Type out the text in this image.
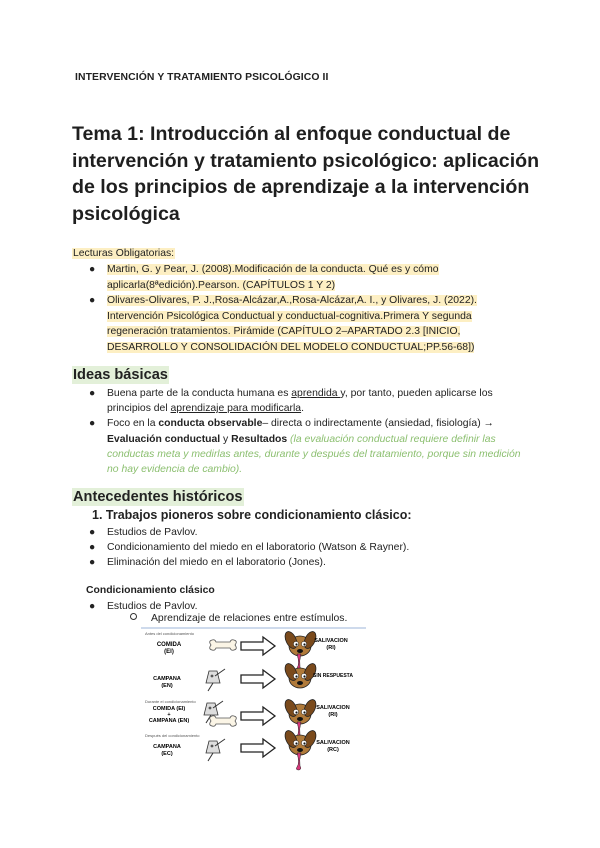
INTERVENCIÓN Y TRATAMIENTO PSICOLÓGICO II
Tema 1: Introducción al enfoque conductual de intervención y tratamiento psicológico: aplicación de los principios de aprendizaje a la intervención psicológica
Lecturas Obligatorias:
● Martin, G. y Pear, J. (2008).Modificación de la conducta. Qué es y cómo aplicarla(8ªedición).Pearson. (CAPÍTULOS 1 Y 2)
● Olivares-Olivares, P. J.,Rosa-Alcázar,A.,Rosa-Alcázar,A. I., y Olivares, J. (2022). Intervención Psicológica Conductual y conductual-cognitiva.Primera Y segunda regeneración tratamientos. Pirámide (CAPÍTULO 2–APARTADO 2.3 [INICIO, DESARROLLO Y CONSOLIDACIÓN DEL MODELO CONDUCTUAL;PP.56-68])
Ideas básicas
● Buena parte de la conducta humana es aprendida y, por tanto, pueden aplicarse los principios del aprendizaje para modificarla.
● Foco en la conducta observable– directa o indirectamente (ansiedad, fisiología) → Evaluación conductual y Resultados (la evaluación conductual requiere definir las conductas meta y medirlas antes, durante y después del tratamiento, porque sin medición no hay evidencia de cambio).
Antecedentes históricos
1. Trabajos pioneros sobre condicionamiento clásico:
● Estudios de Pavlov.
● Condicionamiento del miedo en el laboratorio (Watson & Rayner).
● Eliminación del miedo en el laboratorio (Jones).
Condicionamiento clásico
● Estudios de Pavlov.
Aprendizaje de relaciones entre estímulos.
Antes del condicionamiento
COMIDA
(EI)
SALIVACION
(RI)
CAMPANA
(EN)
SIN RESPUESTA
Durante el condicionamiento
COMIDA (EI)
+
CAMPANA (EN)
SALIVACION
(RI)
Después del condicionamiento
CAMPANA
(EC)
SALIVACION
(RC)
